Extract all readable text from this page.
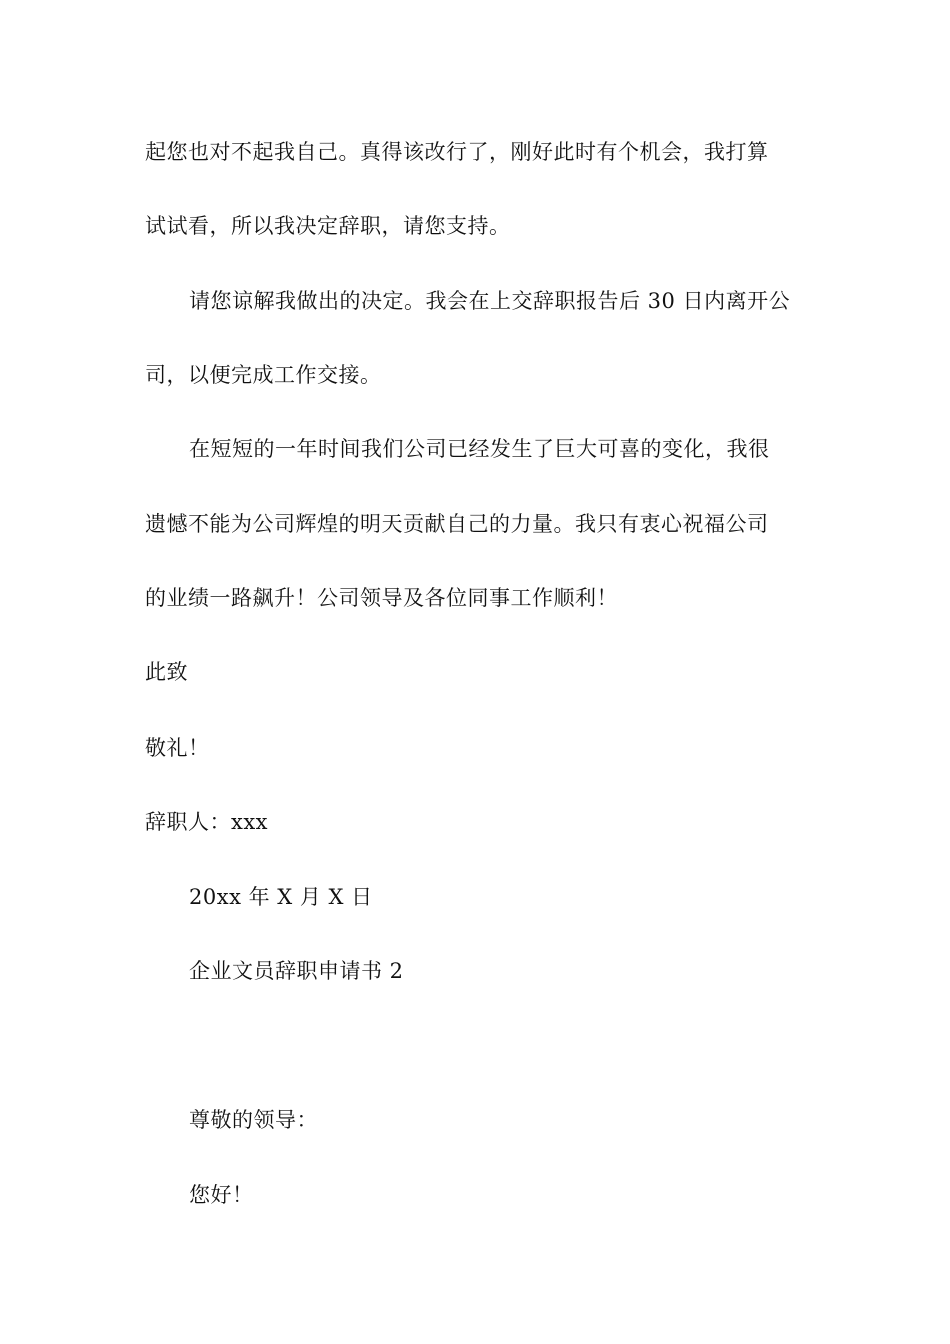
起您也对不起我自己。真得该改行了，刚好此时有个机会，我打算
试试看，所以我决定辞职，请您支持。
请您谅解我做出的决定。我会在上交辞职报告后 30 日内离开公
司，以便完成工作交接。
在短短的一年时间我们公司已经发生了巨大可喜的变化，我很
遗憾不能为公司辉煌的明天贡献自己的力量。我只有衷心祝福公司
的业绩一路飙升！公司领导及各位同事工作顺利！
此致
敬礼！
辞职人：xxx
20xx 年 X 月 X 日
企业文员辞职申请书 2
尊敬的领导：
您好！
